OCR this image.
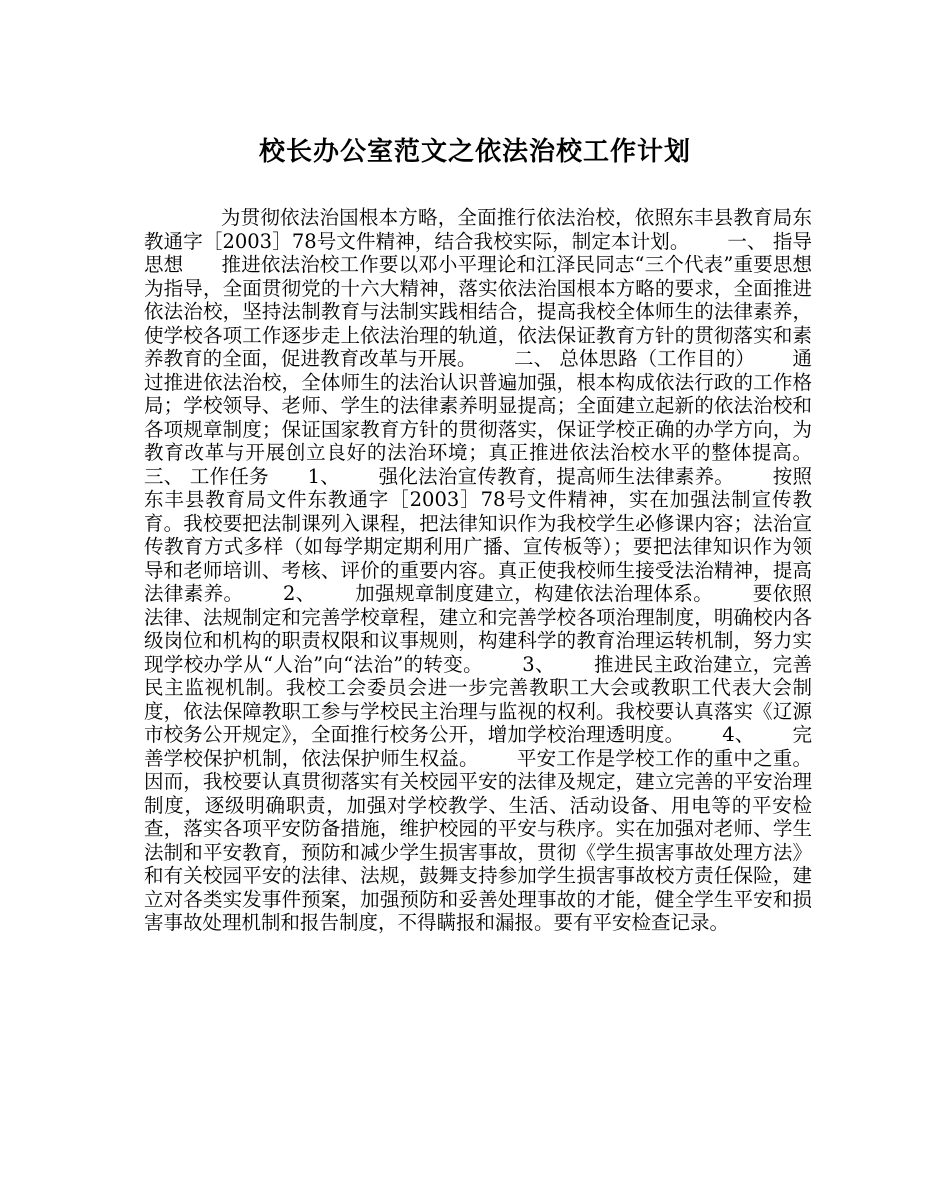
校长办公室范文之依法治校工作计划
为贯彻依法治国根本方略，全面推行依法治校，依照东丰县教育局东教通字［2003］78号文件精神，结合我校实际，制定本计划。      一、 指导思想      推进依法治校工作要以邓小平理论和江泽民同志“三个代表”重要思想为指导，全面贯彻党的十六大精神，落实依法治国根本方略的要求，全面推进依法治校，坚持法制教育与法制实践相结合，提高我校全体师生的法律素养，使学校各项工作逐步走上依法治理的轨道，依法保证教育方针的贯彻落实和素养教育的全面，促进教育改革与开展。      二、 总体思路（工作目的）      通过推进依法治校，全体师生的法治认识普遍加强，根本构成依法行政的工作格局；学校领导、老师、学生的法律素养明显提高；全面建立起新的依法治校和各项规章制度；保证国家教育方针的贯彻落实，保证学校正确的办学方向，为教育改革与开展创立良好的法治环境；真正推进依法治校水平的整体提高。      三、 工作任务      1、      强化法治宣传教育，提高师生法律素养。      按照东丰县教育局文件东教通字［2003］78号文件精神，实在加强法制宣传教育。我校要把法制课列入课程，把法律知识作为我校学生必修课内容；法治宣传教育方式多样（如每学期定期利用广播、宣传板等）；要把法律知识作为领导和老师培训、考核、评价的重要内容。真正使我校师生接受法治精神，提高法律素养。      2、      加强规章制度建立，构建依法治理体系。      要依照法律、法规制定和完善学校章程，建立和完善学校各项治理制度，明确校内各级岗位和机构的职责权限和议事规则，构建科学的教育治理运转机制，努力实现学校办学从“人治”向“法治”的转变。      3、      推进民主政治建立，完善民主监视机制。我校工会委员会进一步完善教职工大会或教职工代表大会制度，依法保障教职工参与学校民主治理与监视的权利。我校要认真落实《辽源市校务公开规定》，全面推行校务公开，增加学校治理透明度。      4、      完善学校保护机制，依法保护师生权益。      平安工作是学校工作的重中之重。因而，我校要认真贯彻落实有关校园平安的法律及规定，建立完善的平安治理制度，逐级明确职责，加强对学校教学、生活、活动设备、用电等的平安检查，落实各项平安防备措施，维护校园的平安与秩序。实在加强对老师、学生法制和平安教育，预防和减少学生损害事故，贯彻《学生损害事故处理方法》和有关校园平安的法律、法规，鼓舞支持参加学生损害事故校方责任保险，建立对各类实发事件预案，加强预防和妥善处理事故的才能，健全学生平安和损害事故处理机制和报告制度，不得瞒报和漏报。要有平安检查记录。
